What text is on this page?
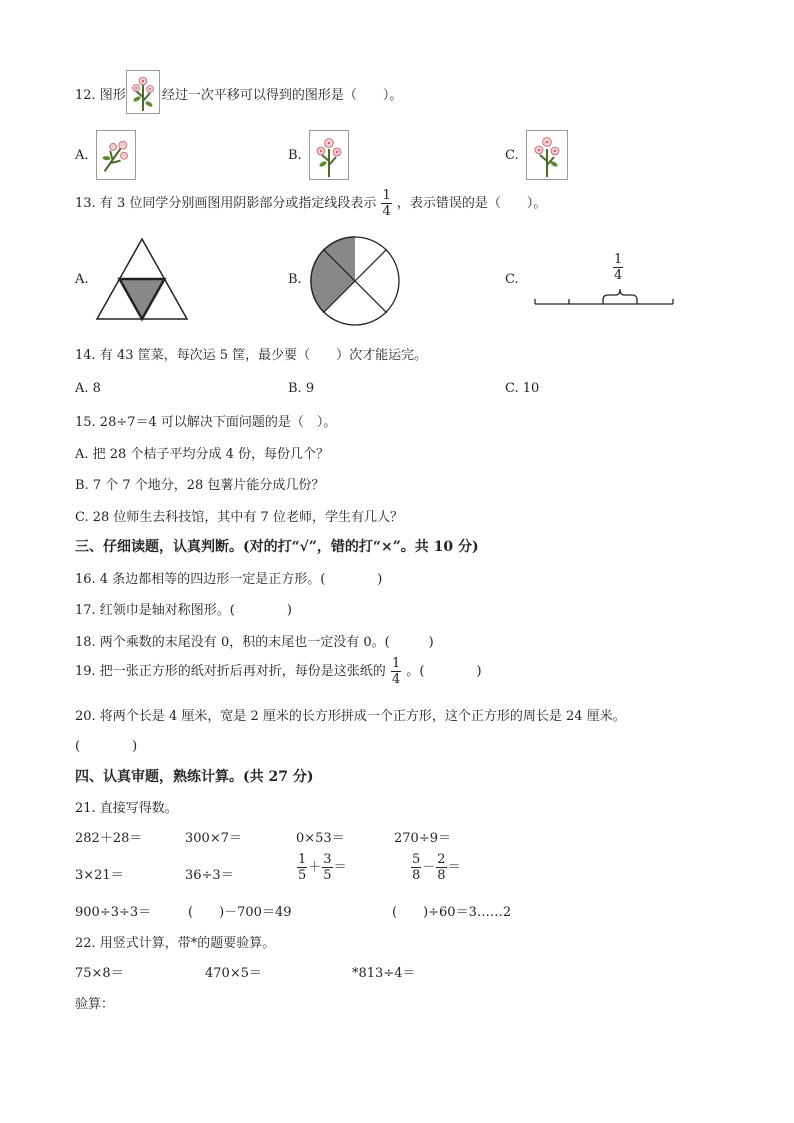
12. 图形	经过一次平移可以得到的图形是（　　）。
A.	B.	C.
13. 有 3 位同学分别画图用阴影部分或指定线段表示 $\frac{1}{4}$ ，表示错误的是（　　）。
A.	B.	C.	$\frac{1}{4}$
14. 有 43 筐菜，每次运 5 筐，最少要（　　）次才能运完。
A. 8	B. 9	C. 10
15. 28÷7＝4 可以解决下面问题的是（　）。
A. 把 28 个桔子平均分成 4 份，每份几个？
B. 7 个 7 个地分，28 包薯片能分成几份？
C. 28 位师生去科技馆，其中有 7 位老师，学生有几人？
三、仔细读题，认真判断。(对的打“√”，错的打“×”。共 10 分)
16. 4 条边都相等的四边形一定是正方形。(　　　　)
17. 红领巾是轴对称图形。(　　　　)
18. 两个乘数的末尾没有 0，积的末尾也一定没有 0。(　　　)
19. 把一张正方形的纸对折后再对折，每份是这张纸的 $\frac{1}{4}$ 。(　　　　)
20. 将两个长是 4 厘米，宽是 2 厘米的长方形拼成一个正方形，这个正方形的周长是 24 厘米。
(　　　　)
四、认真审题，熟练计算。(共 27 分)
21. 直接写得数。
282＋28＝	300×7＝	0×53＝	270÷9＝
3×21＝	36÷3＝	$\frac{1}{5} + \frac{3}{5}$ ＝	$\frac{5}{8} - \frac{2}{8}$ ＝
900÷3÷3＝	(　　)－700＝49	(　　)÷60＝3……2
22. 用竖式计算，带*的题要验算。
75×8＝	470×5＝	*813÷4＝
验算：
